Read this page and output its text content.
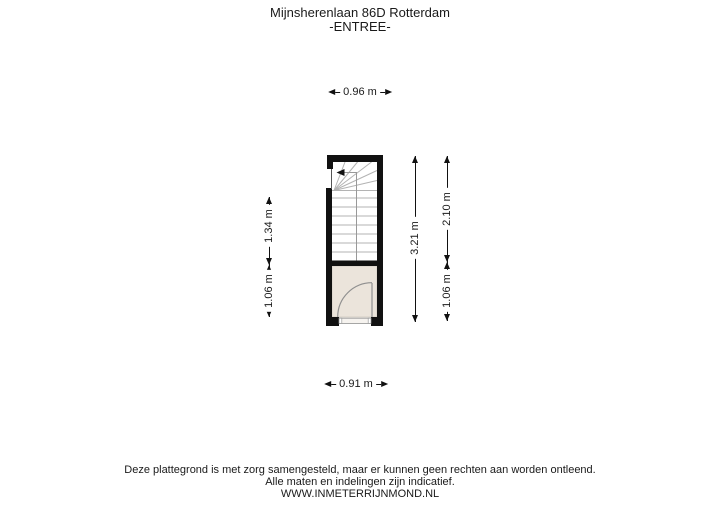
Mijnsherenlaan 86D Rotterdam
-ENTREE-
0.96 m
0.91 m
1.34 m
1.06 m
3.21 m
2.10 m
1.06 m
Deze plattegrond is met zorg samengesteld, maar er kunnen geen rechten aan worden ontleend.
Alle maten en indelingen zijn indicatief.
WWW.INMETERRIJNMOND.NL
